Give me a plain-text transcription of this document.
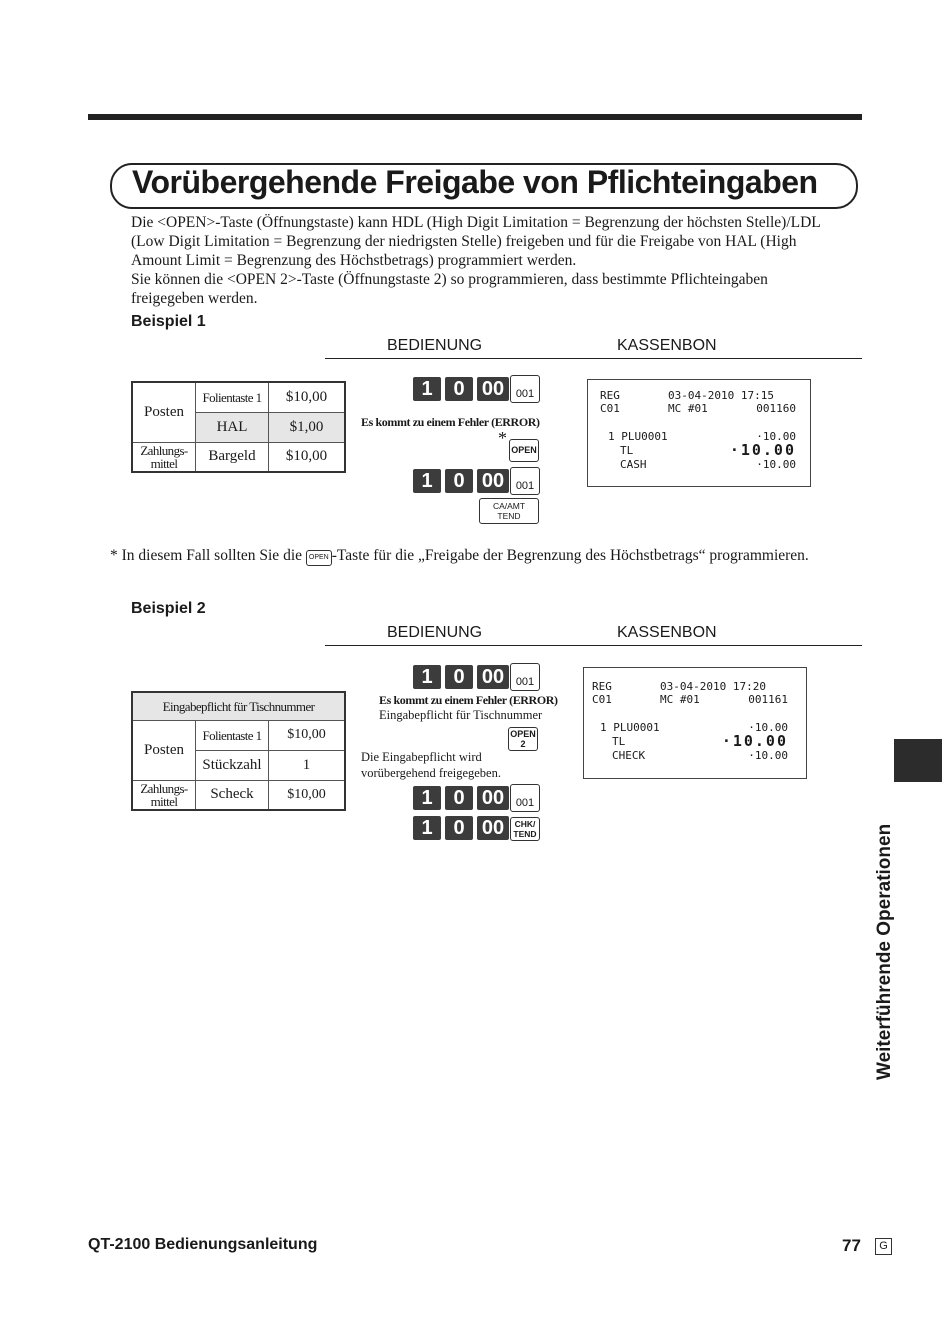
Vorübergehende Freigabe von Pflichteingaben
Die <OPEN>-Taste (Öffnungstaste) kann HDL (High Digit Limitation = Begrenzung der höchsten Stelle)/LDL
(Low Digit Limitation = Begrenzung der niedrigsten Stelle) freigeben und für die Freigabe von HAL (High
Amount Limit = Begrenzung des Höchstbetrags) programmiert werden.
Sie können die <OPEN 2>-Taste (Öffnungstaste 2) so programmieren, dass bestimmte Pflichteingaben
freigegeben werden.
Beispiel 1
BEDIENUNG	KASSENBON
Posten	Folientaste 1	$10,00
	HAL	$1,00

Zahlungs-
mittel	Bargeld	$10,00
1	0 00	001
Es kommt zu einem Fehler (ERROR)
*
OPEN
1	0 00	001
CA/AMT
TEND
REG	03-04-2010 17:15
C01	MC #01	001160
1 PLU0001	·10.00
TL	·10.00
CASH	·10.00
* In diesem Fall sollten Sie die OPEN -Taste für die „Freigabe der Begrenzung des Höchstbetrags“ programmieren.
Beispiel 2
BEDIENUNG	KASSENBON
Eingabepflicht für Tischnummer		
Posten	Folientaste 1	$10,00
	Stückzahl	1

Zahlungs-
mittel	Scheck	$10,00
1	0 00	001
Es kommt zu einem Fehler (ERROR)
Eingabepflicht für Tischnummer
OPEN
2
Die Eingabepflicht wird
vorübergehend freigegeben.
1	0 00	001
1	0 00	CHK/
TEND
REG	03-04-2010 17:20
C01	MC #01	001161
1 PLU0001	·10.00
TL	·10.00
CHECK	·10.00
Weiterführende Operationen
QT-2100 Bedienungsanleitung	77	G
